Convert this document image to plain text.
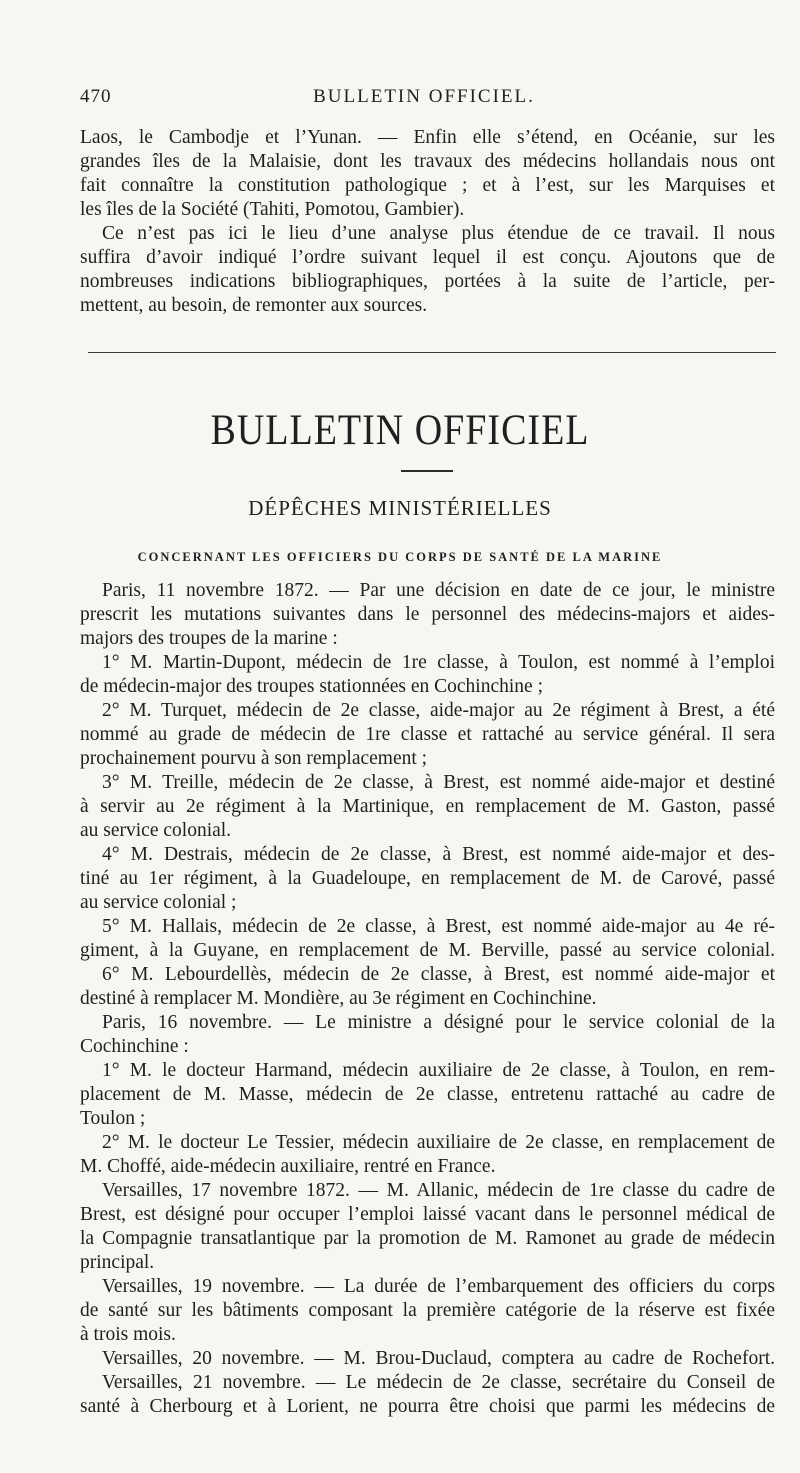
470	BULLETIN OFFICIEL.
Laos, le Cambodje et l’Yunan. — Enfin elle s’étend, en Océanie, sur les
grandes îles de la Malaisie, dont les travaux des médecins hollandais nous ont
fait connaître la constitution pathologique ; et à l’est, sur les Marquises et
les îles de la Société (Tahiti, Pomotou, Gambier).
Ce n’est pas ici le lieu d’une analyse plus étendue de ce travail. Il nous
suffira d’avoir indiqué l’ordre suivant lequel il est conçu. Ajoutons que de
nombreuses indications bibliographiques, portées à la suite de l’article, per-
mettent, au besoin, de remonter aux sources.
BULLETIN OFFICIEL
DÉPÊCHES MINISTÉRIELLES
CONCERNANT LES OFFICIERS DU CORPS DE SANTÉ DE LA MARINE
Paris, 11 novembre 1872. — Par une décision en date de ce jour, le ministre
prescrit les mutations suivantes dans le personnel des médecins-majors et aides-
majors des troupes de la marine :
1° M. Martin-Dupont, médecin de 1re classe, à Toulon, est nommé à l’emploi
de médecin-major des troupes stationnées en Cochinchine ;
2° M. Turquet, médecin de 2e classe, aide-major au 2e régiment à Brest, a été
nommé au grade de médecin de 1re classe et rattaché au service général. Il sera
prochainement pourvu à son remplacement ;
3° M. Treille, médecin de 2e classe, à Brest, est nommé aide-major et destiné
à servir au 2e régiment à la Martinique, en remplacement de M. Gaston, passé
au service colonial.
4° M. Destrais, médecin de 2e classe, à Brest, est nommé aide-major et des-
tiné au 1er régiment, à la Guadeloupe, en remplacement de M. de Carové, passé
au service colonial ;
5° M. Hallais, médecin de 2e classe, à Brest, est nommé aide-major au 4e ré-
giment, à la Guyane, en remplacement de M. Berville, passé au service colonial.
6° M. Lebourdellès, médecin de 2e classe, à Brest, est nommé aide-major et
destiné à remplacer M. Mondière, au 3e régiment en Cochinchine.
Paris, 16 novembre. — Le ministre a désigné pour le service colonial de la
Cochinchine :
1° M. le docteur Harmand, médecin auxiliaire de 2e classe, à Toulon, en rem-
placement de M. Masse, médecin de 2e classe, entretenu rattaché au cadre de
Toulon ;
2° M. le docteur Le Tessier, médecin auxiliaire de 2e classe, en remplacement de
M. Choffé, aide-médecin auxiliaire, rentré en France.
Versailles, 17 novembre 1872. — M. Allanic, médecin de 1re classe du cadre de
Brest, est désigné pour occuper l’emploi laissé vacant dans le personnel médical de
la Compagnie transatlantique par la promotion de M. Ramonet au grade de médecin
principal.
Versailles, 19 novembre. — La durée de l’embarquement des officiers du corps
de santé sur les bâtiments composant la première catégorie de la réserve est fixée
à trois mois.
Versailles, 20 novembre. — M. Brou-Duclaud, comptera au cadre de Rochefort.
Versailles, 21 novembre. — Le médecin de 2e classe, secrétaire du Conseil de
santé à Cherbourg et à Lorient, ne pourra être choisi que parmi les médecins de
